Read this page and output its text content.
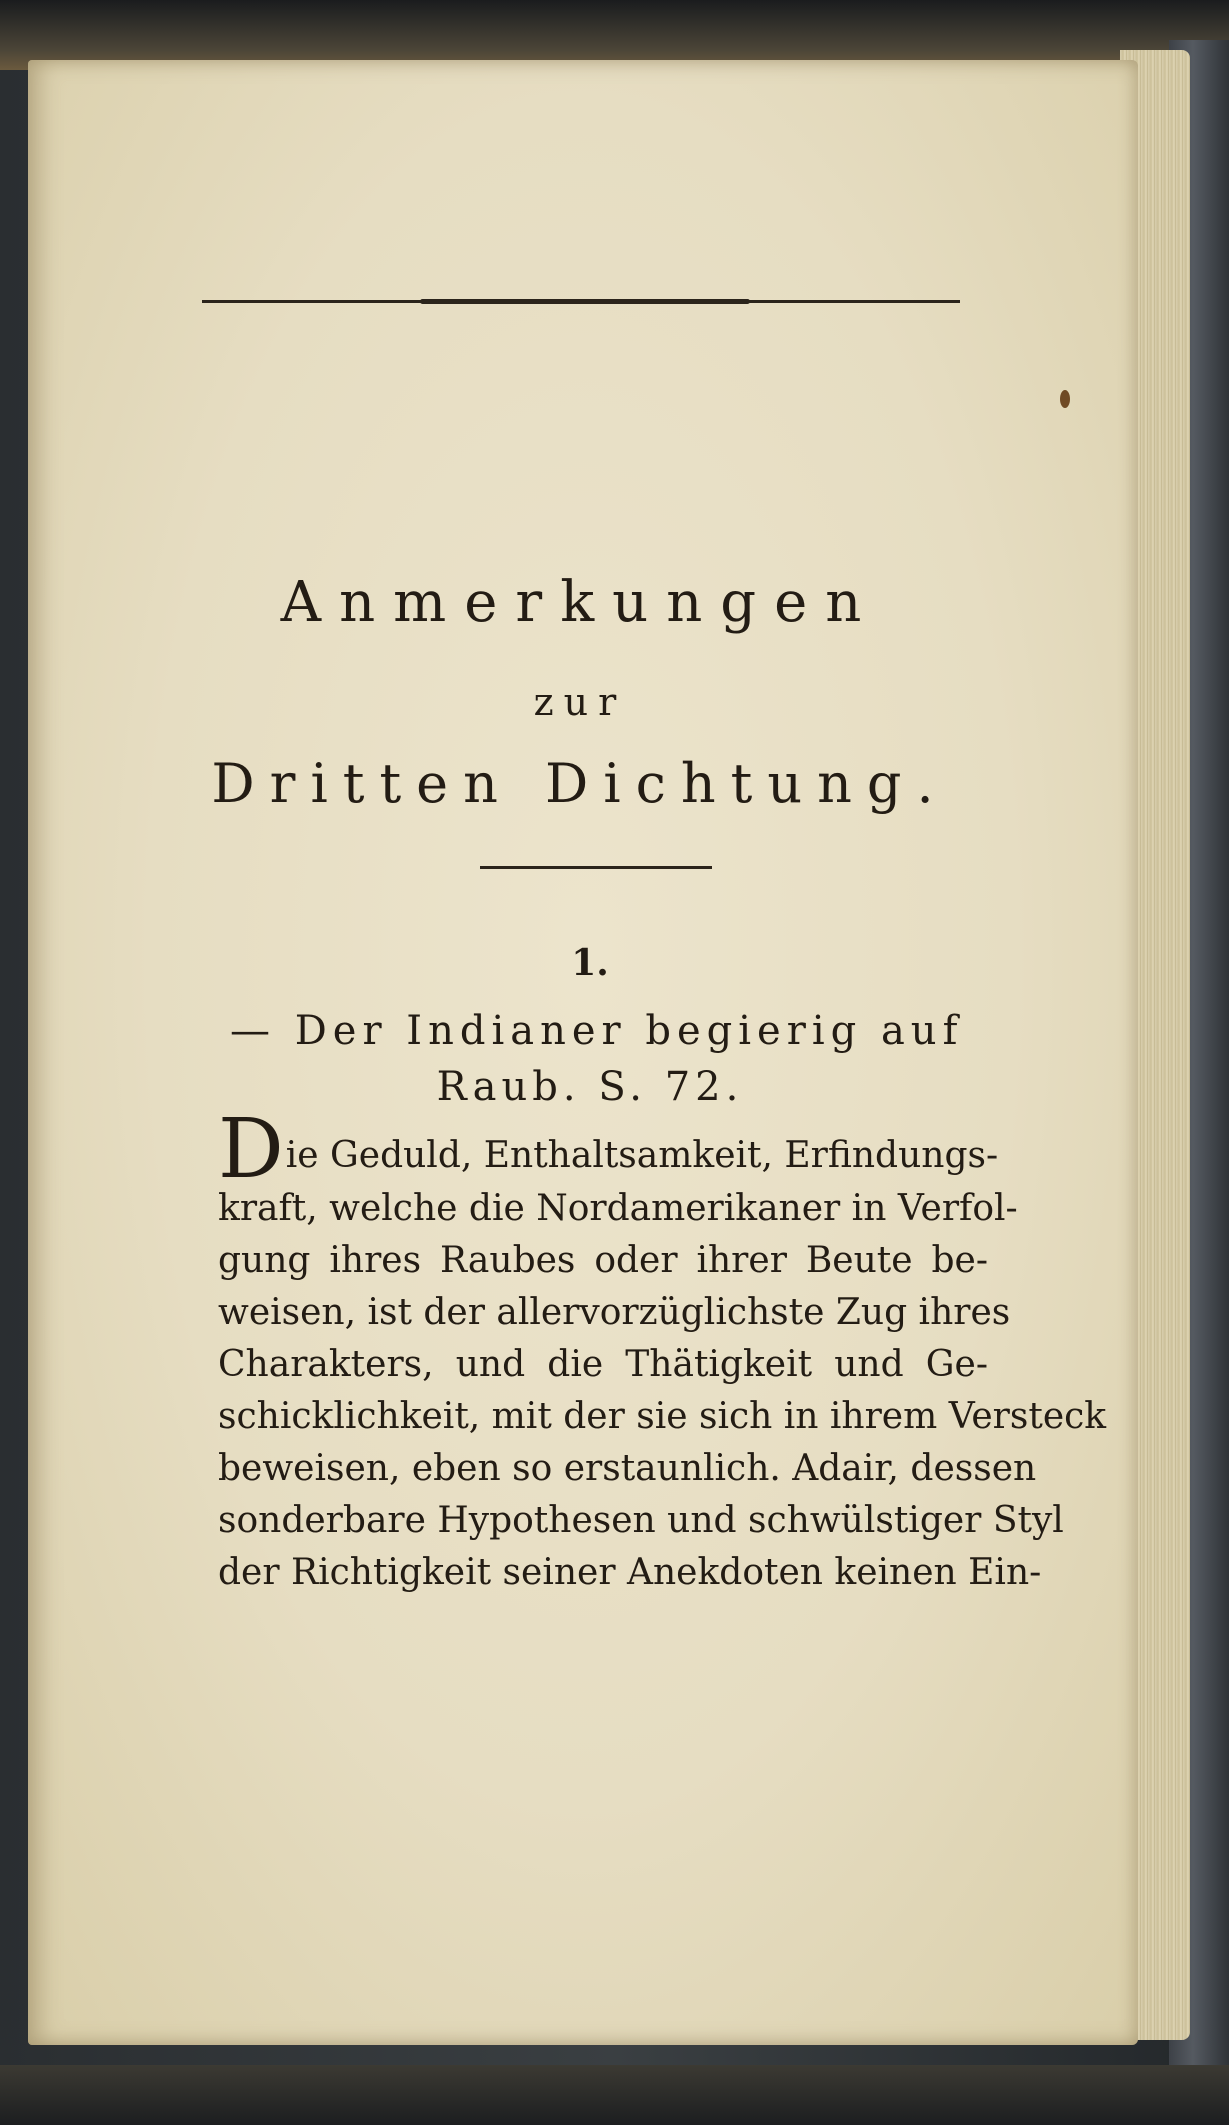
Anmerkungen
zur
Dritten Dichtung.
1.
— Der Indianer begierig auf
Raub. S. 72.
Die Geduld, Enthaltsamkeit, Erfindungs-
kraft, welche die Nordamerikaner in Verfol-
gung ihres Raubes oder ihrer Beute be-
weisen, ist der allervorzüglichste Zug ihres
Charakters, und die Thätigkeit und Ge-
schicklichkeit, mit der sie sich in ihrem Versteck
beweisen, eben so erstaunlich. Adair, dessen
sonderbare Hypothesen und schwülstiger Styl
der Richtigkeit seiner Anekdoten keinen Ein-
